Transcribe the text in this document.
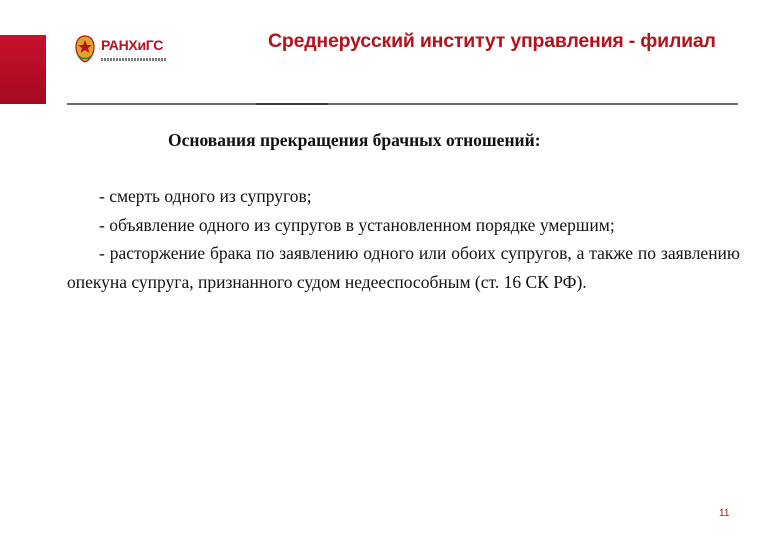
РАНХиГС	Среднерусский институт управления - филиал
Основания прекращения брачных отношений:

- смерть одного из супругов;

- объявление одного из супругов в установленном порядке умершим;

- расторжение брака по заявлению одного или обоих супругов, а также по заявлению опекуна супруга, признанного судом недееспособным (ст. 16 СК РФ).

11
